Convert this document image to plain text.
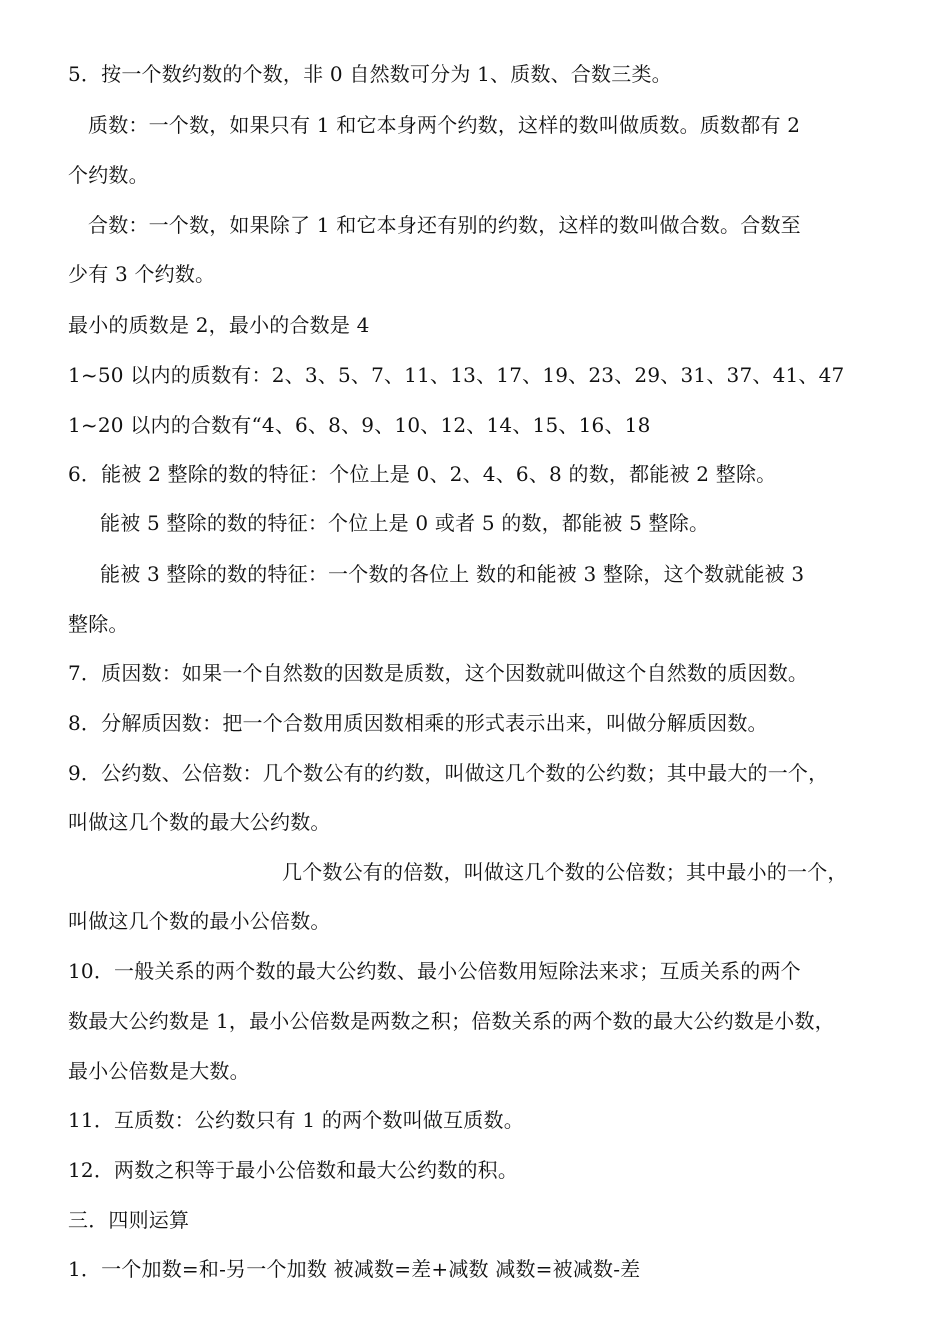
5．按一个数约数的个数，非 0 自然数可分为 1、质数、合数三类。
质数：一个数，如果只有 1 和它本身两个约数，这样的数叫做质数。质数都有 2
个约数。
合数：一个数，如果除了 1 和它本身还有别的约数，这样的数叫做合数。合数至
少有 3 个约数。
最小的质数是 2，最小的合数是 4
1~50 以内的质数有：2、3、5、7、11、13、17、19、23、29、31、37、41、47
1~20 以内的合数有“4、6、8、9、10、12、14、15、16、18
6．能被 2 整除的数的特征：个位上是 0、2、4、6、8 的数，都能被 2 整除。
能被 5 整除的数的特征：个位上是 0 或者 5 的数，都能被 5 整除。
能被 3 整除的数的特征：一个数的各位上 数的和能被 3 整除，这个数就能被 3
整除。
7．质因数：如果一个自然数的因数是质数，这个因数就叫做这个自然数的质因数。
8．分解质因数：把一个合数用质因数相乘的形式表示出来，叫做分解质因数。
9．公约数、公倍数：几个数公有的约数，叫做这几个数的公约数；其中最大的一个，
叫做这几个数的最大公约数。
几个数公有的倍数，叫做这几个数的公倍数；其中最小的一个，
叫做这几个数的最小公倍数。
10．一般关系的两个数的最大公约数、最小公倍数用短除法来求；互质关系的两个
数最大公约数是 1，最小公倍数是两数之积；倍数关系的两个数的最大公约数是小数，
最小公倍数是大数。
11．互质数：公约数只有 1 的两个数叫做互质数。
12．两数之积等于最小公倍数和最大公约数的积。
三．四则运算
1．一个加数=和-另一个加数 被减数=差+减数 减数=被减数-差
